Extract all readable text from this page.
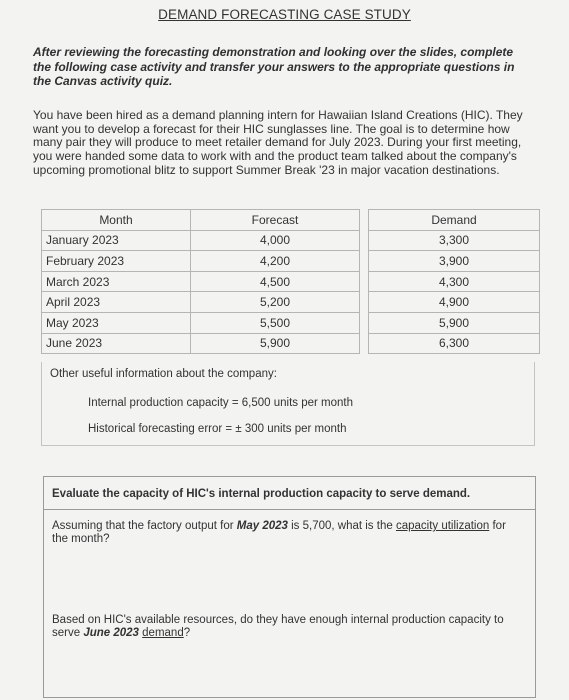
DEMAND FORECASTING CASE STUDY
After reviewing the forecasting demonstration and looking over the slides, complete the following case activity and transfer your answers to the appropriate questions in the Canvas activity quiz.
You have been hired as a demand planning intern for Hawaiian Island Creations (HIC). They want you to develop a forecast for their HIC sunglasses line. The goal is to determine how many pair they will produce to meet retailer demand for July 2023. During your first meeting, you were handed some data to work with and the product team talked about the company's upcoming promotional blitz to support Summer Break '23 in major vacation destinations.
Month	Forecast		Demand
January 2023	4,000		3,300
February 2023	4,200		3,900
March 2023	4,500		4,300
April 2023	5,200		4,900
May 2023	5,500		5,900
June 2023	5,900		6,300
Other useful information about the company:
Internal production capacity = 6,500 units per month
Historical forecasting error = ± 300 units per month
Evaluate the capacity of HIC's internal production capacity to serve demand.
Assuming that the factory output for May 2023 is 5,700, what is the capacity utilization for the month?
Based on HIC's available resources, do they have enough internal production capacity to serve June 2023 demand?
